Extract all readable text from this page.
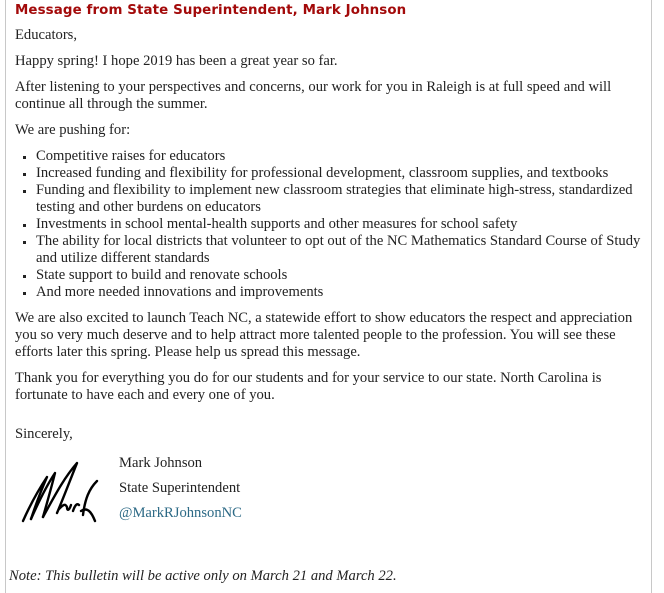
Message from State Superintendent, Mark Johnson

Educators,

Happy spring! I hope 2019 has been a great year so far.

After listening to your perspectives and concerns, our work for you in Raleigh is at full speed and will continue all through the summer.

We are pushing for:

Competitive raises for educators
Increased funding and flexibility for professional development, classroom supplies, and textbooks
Funding and flexibility to implement new classroom strategies that eliminate high-stress, standardized testing and other burdens on educators
Investments in school mental-health supports and other measures for school safety
The ability for local districts that volunteer to opt out of the NC Mathematics Standard Course of Study and utilize different standards
State support to build and renovate schools
And more needed innovations and improvements

We are also excited to launch Teach NC, a statewide effort to show educators the respect and appreciation you so very much deserve and to help attract more talented people to the profession. You will see these efforts later this spring. Please help us spread this message.

Thank you for everything you do for our students and for your service to our state. North Carolina is fortunate to have each and every one of you.

Sincerely,

Mark Johnson
State Superintendent
@MarkRJohnsonNC

Note: This bulletin will be active only on March 21 and March 22.
